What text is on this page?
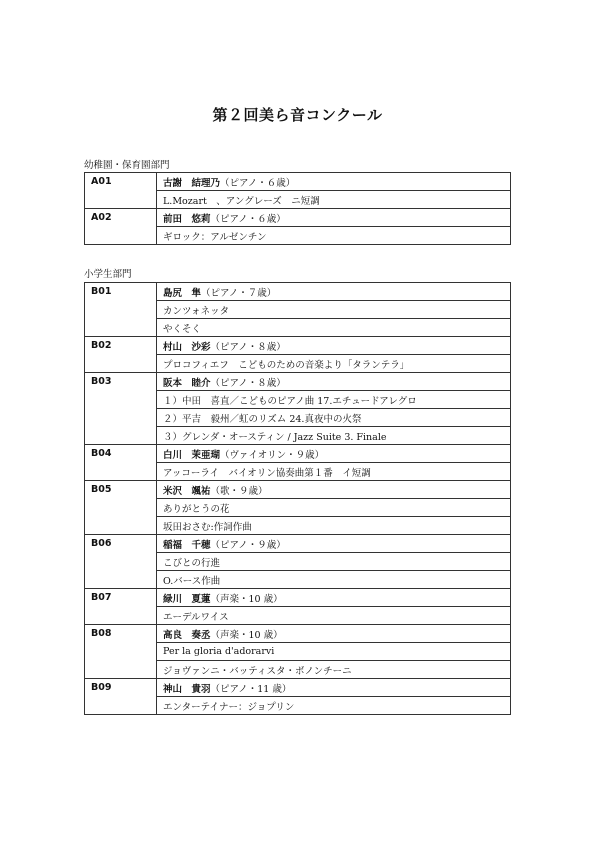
第２回美ら音コンクール
幼稚園・保育園部門
A01	古謝　結理乃（ピアノ・６歳）
	L.Mozart　、アングレーズ　ニ短調
A02	前田　悠莉（ピアノ・６歳）
	ギロック：アルゼンチン
小学生部門
B01	島尻　隼（ピアノ・７歳）
	カンツォネッタ
	やくそく
B02	村山　沙彩（ピアノ・８歳）
	プロコフィエフ　こどものための音楽より「タランテラ」
B03	阪本　睦介（ピアノ・８歳）
	１）中田　喜直／こどものピアノ曲 17.エチュードアレグロ
	２）平吉　毅州／虹のリズム 24.真夜中の火祭
	３）グレンダ・オースティン / Jazz Suite 3. Finale
B04	白川　茉亜瑚（ヴァイオリン・９歳）
	アッコーライ　バイオリン協奏曲第１番　イ短調
B05	米沢　颯祐（歌・９歳）
	ありがとうの花
	坂田おさむ:作詞作曲
B06	稲福　千穂（ピアノ・９歳）
	こびとの行進
	O.バース作曲
B07	緑川　夏蓮（声楽・10 歳）
	エーデルワイス
B08	高良　奏丞（声楽・10 歳）
	Per la gloria d'adorarvi
	ジョヴァンニ・バッティスタ・ボノンチーニ
B09	神山　貴羽（ピアノ・11 歳）
	エンターテイナー：ジョプリン
